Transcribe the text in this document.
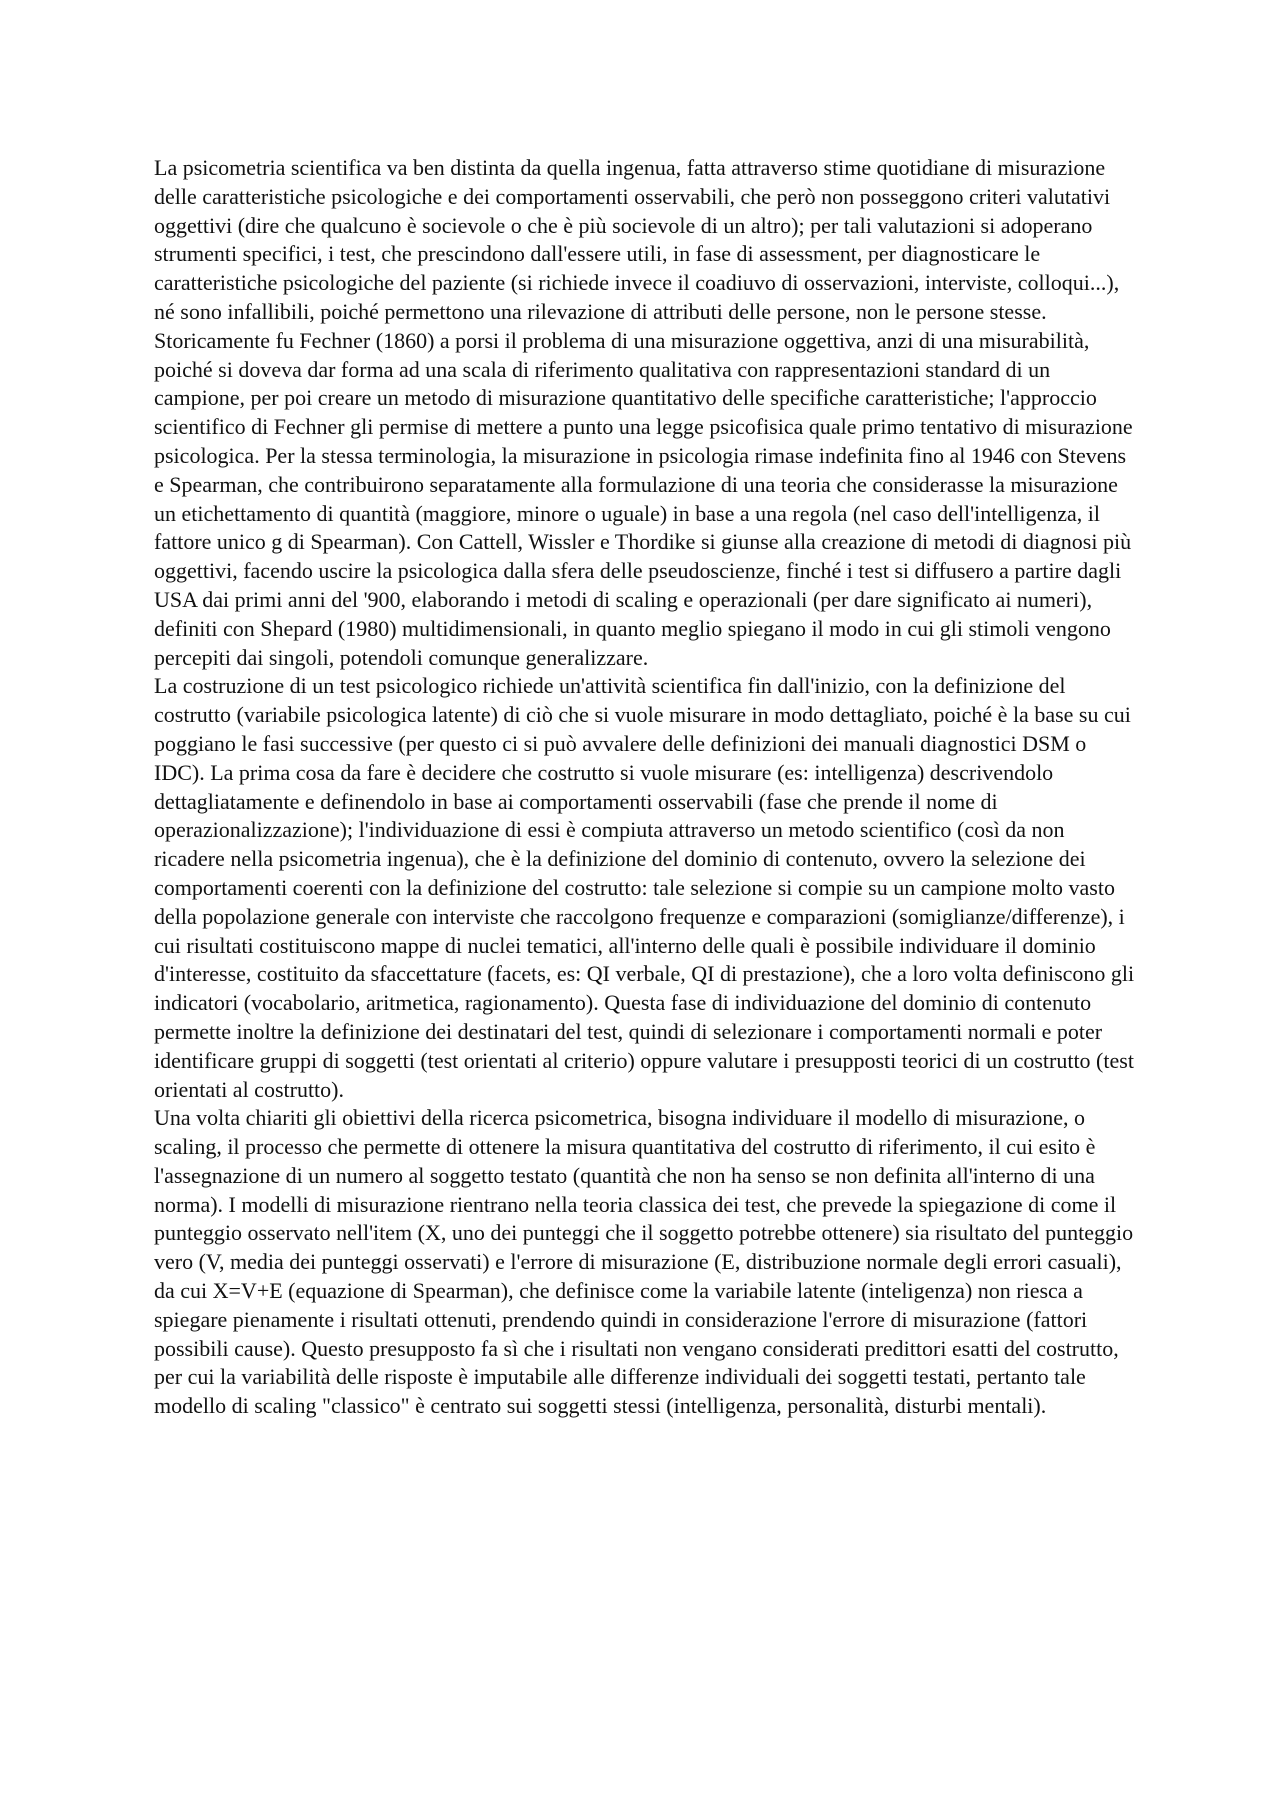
La psicometria scientifica va ben distinta da quella ingenua, fatta attraverso stime quotidiane di misurazione delle caratteristiche psicologiche e dei comportamenti osservabili, che però non posseggono criteri valutativi oggettivi (dire che qualcuno è socievole o che è più socievole di un altro); per tali valutazioni si adoperano strumenti specifici, i test, che prescindono dall'essere utili, in fase di assessment, per diagnosticare le caratteristiche psicologiche del paziente (si richiede invece il coadiuvo di osservazioni, interviste, colloqui...), né sono infallibili, poiché permettono una rilevazione di attributi delle persone, non le persone stesse.

Storicamente fu Fechner (1860) a porsi il problema di una misurazione oggettiva, anzi di una misurabilità, poiché si doveva dar forma ad una scala di riferimento qualitativa con rappresentazioni standard di un campione, per poi creare un metodo di misurazione quantitativo delle specifiche caratteristiche; l'approccio scientifico di Fechner gli permise di mettere a punto una legge psicofisica quale primo tentativo di misurazione psicologica. Per la stessa terminologia, la misurazione in psicologia rimase indefinita fino al 1946 con Stevens e Spearman, che contribuirono separatamente alla formulazione di una teoria che considerasse la misurazione un etichettamento di quantità (maggiore, minore o uguale) in base a una regola (nel caso dell'intelligenza, il fattore unico g di Spearman). Con Cattell, Wissler e Thordike si giunse alla creazione di metodi di diagnosi più oggettivi, facendo uscire la psicologica dalla sfera delle pseudoscienze, finché i test si diffusero a partire dagli USA dai primi anni del '900, elaborando i metodi di scaling e operazionali (per dare significato ai numeri), definiti con Shepard (1980) multidimensionali, in quanto meglio spiegano il modo in cui gli stimoli vengono percepiti dai singoli, potendoli comunque generalizzare.

La costruzione di un test psicologico richiede un'attività scientifica fin dall'inizio, con la definizione del costrutto (variabile psicologica latente) di ciò che si vuole misurare in modo dettagliato, poiché è la base su cui poggiano le fasi successive (per questo ci si può avvalere delle definizioni dei manuali diagnostici DSM o IDC). La prima cosa da fare è decidere che costrutto si vuole misurare (es: intelligenza) descrivendolo dettagliatamente e definendolo in base ai comportamenti osservabili (fase che prende il nome di operazionalizzazione); l'individuazione di essi è compiuta attraverso un metodo scientifico (così da non ricadere nella psicometria ingenua), che è la definizione del dominio di contenuto, ovvero la selezione dei comportamenti coerenti con la definizione del costrutto: tale selezione si compie su un campione molto vasto della popolazione generale con interviste che raccolgono frequenze e comparazioni (somiglianze/differenze), i cui risultati costituiscono mappe di nuclei tematici, all'interno delle quali è possibile individuare il dominio d'interesse, costituito da sfaccettature (facets, es: QI verbale, QI di prestazione), che a loro volta definiscono gli indicatori (vocabolario, aritmetica, ragionamento). Questa fase di individuazione del dominio di contenuto permette inoltre la definizione dei destinatari del test, quindi di selezionare i comportamenti normali e poter identificare gruppi di soggetti (test orientati al criterio) oppure valutare i presupposti teorici di un costrutto (test orientati al costrutto).

Una volta chiariti gli obiettivi della ricerca psicometrica, bisogna individuare il modello di misurazione, o scaling, il processo che permette di ottenere la misura quantitativa del costrutto di riferimento, il cui esito è l'assegnazione di un numero al soggetto testato (quantità che non ha senso se non definita all'interno di una norma). I modelli di misurazione rientrano nella teoria classica dei test, che prevede la spiegazione di come il punteggio osservato nell'item (X, uno dei punteggi che il soggetto potrebbe ottenere) sia risultato del punteggio vero (V, media dei punteggi osservati) e l'errore di misurazione (E, distribuzione normale degli errori casuali), da cui X=V+E (equazione di Spearman), che definisce come la variabile latente (inteligenza) non riesca a spiegare pienamente i risultati ottenuti, prendendo quindi in considerazione l'errore di misurazione (fattori possibili cause). Questo presupposto fa sì che i risultati non vengano considerati predittori esatti del costrutto, per cui la variabilità delle risposte è imputabile alle differenze individuali dei soggetti testati, pertanto tale modello di scaling "classico" è centrato sui soggetti stessi (intelligenza, personalità, disturbi mentali).
